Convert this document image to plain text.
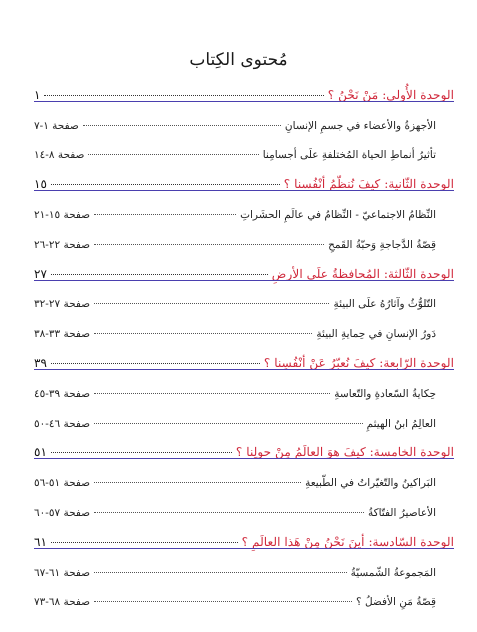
مُحتوى الكِتاب
الوحدة الأُولى: مَنْ نَحْنُ ؟
١
الأجهزةُ والأعضاء في جسمِ الإنسانِ
صفحة ١-٧
تأثيرُ أنماطِ الحياة المُختلفةِ علَى أجسامِنا
صفحة ٨-١٤
الوحدة الثّانية: كيفَ نُنظّمُ أنْفُسنا ؟
١٥
النِّظامُ الاجتماعيّ - النِّظامُ في عالَمِ الحشَراتِ
صفحة ١٥-٢١
قِصّةُ الدَّجاجةِ وَحبّةُ القَمحِ
صفحة ٢٢-٢٦
الوحدة الثّالثة: المُحافظةُ علَى الأرضِ
٢٧
التّلوُّثُ وآثارُهُ علَى البيئةِ
صفحة ٢٧-٣٢
دَورُ الإنسانِ في حِمايةِ البيئةِ
صفحة ٣٣-٣٨
الوحدة الرّابعة: كيفَ نُعبّرُ عَنْ أنْفُسِنا ؟
٣٩
حِكايةُ السّعادةِ والتّعاسةِ
صفحة ٣٩-٤٥
العالِمُ ابنُ الهيثمِ
صفحة ٤٦-٥٠
الوحدة الخامسة: كيفَ هوَ العالَمُ مِنْ حولِنا ؟
٥١
البَراكينُ والتّغيّراتُ في الطّبيعةِ
صفحة ٥١-٥٦
الأعاصيرُ الفتّاكةُ
صفحة ٥٧-٦٠
الوحدة السّادسة: أينَ نَحْنُ مِنْ هَذا العالَمِ ؟
٦١
المَجموعةُ الشّمسيّةُ
صفحة ٦١-٦٧
قِصّةُ مَنِ الأفضلُ ؟
صفحة ٦٨-٧٣
